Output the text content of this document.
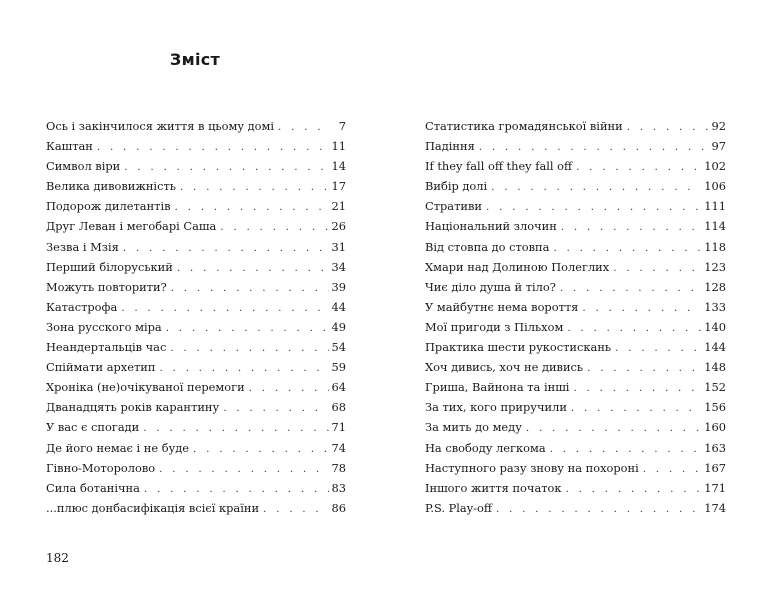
Зміст
Ось і закінчилося життя в цьому домі . . .	7
Каштан . . .	11
Символ віри . . .	14
Велика дивовижність . . .	17
Подорож дилетантів . . .	21
Друг Леван і мегобарі Саша . . .	26
Зезва і Мзія . . .	31
Перший білоруський . . .	34
Можуть повторити? . . .	39
Катастрофа . . .	44
Зона русского міра . . .	49
Неандертальців час . . .	54
Спіймати архетип . . .	59
Хроніка (не)очікуваної перемоги . . .	64
Дванадцять років карантину . . .	68
У вас є спогади . . .	71
Де його немає і не буде . . .	74
Гівно-Моторолово . . .	78
Сила ботанічна . . .	83
...плюс донбасифікація всієї країни . . .	86
Статистика громадянської війни . . .	92
Падіння . . .	97
If they fall off they fall off . . .	102
Вибір долі . . .	106
Стративи . . .	111
Національний злочин . . .	114
Від стовпа до стовпа . . .	118
Хмари над Долиною Полеглих . . .	123
Чиє діло душа й тіло? . . .	128
У майбутнє нема вороття . . .	133
Мої пригоди з Пільхом . . .	140
Практика шести рукостискань . . .	144
Хоч дивись, хоч не дивись . . .	148
Гриша, Вайнона та інші . . .	152
За тих, кого приручили . . .	156
За мить до меду . . .	160
На свободу легкома . . .	163
Наступного разу знову на похороні . . .	167
Іншого життя початок . . .	171
P.S. Play-off . . .	174
182
